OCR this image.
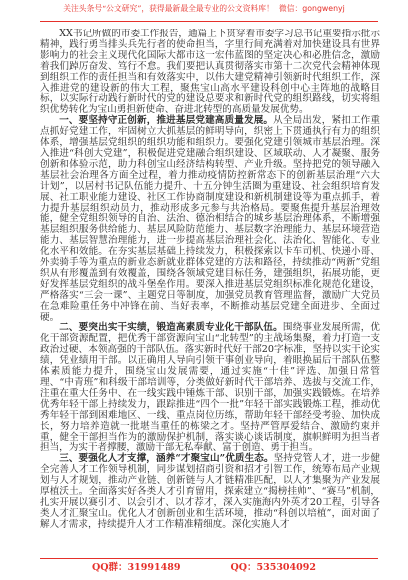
关注头条号“公文研究”，获得最新最全最专业的公文资料库！ 微信：gongwenyj

XX书记所做的市委工作报告，通篇上下贯穿着市委学习总书记重要指示批示精神，践行勇当排头兵先行者的使命担当，字里行间充满着对加快建设具有世界影响力的社会主义现代化国际大都市这一宏伟蓝图的坚定决心和必胜信念，激励着我们踔厉奋发、笃行不怠。我们要把认真贯彻落实市第十二次党代会精神体现到组织工作的责任担当和有效落实中，以伟大建党精神引领新时代组织工作，深入推进党的建设新的伟大工程，聚焦宝山高水平建设科创中心主阵地的战略目标，以实际行动践行新时代的党的建设总要求和新时代党的组织路线，切实将组织优势转化为宝山勇担新使命、奋进北转型的高质量发展优势。

一、要坚持守正创新，推进基层党建高质量发展。从全局出发，紧扣工作重点抓好党建工作，牢固树立大抓基层的鲜明导向，织密上下贯通执行有力的组织体系，增强基层党组织的组织功能和组织力。要强化党建引领城市基层治理。深入推进“科创大党建”，积极促进党建融合组织建设、区域联动、人才凝聚、服务创新和体验示范，助力科创宝山经济结构转型、产业升级。坚持把党的领导融入基层社会治理各方面全过程，着力推动疫情防控新常态下的创新基层治理“六大计划”，以居村书记队伍能力提升、十五分钟生活圈为重建设、社会组织培育发展、社工职业能力建设、社区工作协商制度建设和新机制建设等为重点抓手，着力提升基层组织动员力，推动形成多元参与共治格局。要聚焦提升基层治理效能，健全党组织领导的自治、法治、德治相结合的城乡基层治理体系，不断增强基层组织服务供给能力、基层风险防范能力、基层数字治理能力、基层环境营造能力、基层智慧治理能力，进一步提高基层治理社会化、法治化、智能化、专业化水平和效能。在夯实基层基础上持续发力，积极探索以卡车司机、快递小哥、外卖骑手等为重点的新业态新就业群体党建的方法和路径，持续推动“两新”党组织从有形覆盖到有效覆盖，围绕各领域党建目标任务，建强组织，拓展功能，更好发挥基层党组织的战斗堡垒作用。要深入推进基层党组织标准化规范化建设，严格落实“三会一课”、主题党日等制度，加强党员教育管理监督，激励广大党员在急难险重任务中冲锋在前、当好表率，不断推动基层党建全面进步、全面过硬。

二、要突出实干实绩，锻造高素质专业化干部队伍。围绕事业发展所需，优化干部资源配置，把优秀干部资源向宝山“北转型”的主战场集聚，着力打造一支政治过硬、本领高强的干部队伍。落实新时代好干部20字标准，坚持以实干论实绩，凭业绩用干部。以正确用人导向引领干事创业导向，着眼换届后干部队伍整体素质能力提升，围绕宝山发展需要，通过实施“十佳”评选、加强日常管理、“中青班”和科级干部培训等，分类做好新时代干部培养、选拔与交流工作，注重在重大任务中、在一线实践中锤炼干部、识别干部，加强实践锻炼。在培养优秀年轻干部上持续发力，跟踪推进“四个一批”年轻干部实践锻炼工程，推动优秀年轻干部到困难地区、一线、重点岗位历练，帮助年轻干部经受考验、加快成长，努力培养造就一批堪当重任的栋梁之才。坚持严管厚爱结合、激励约束并重，健全干部担当作为的激励保护机制，落实谈心谈话制度，旗帜鲜明为担当者担当，为实干者撑腰，激励干部无私奉献、富于创造、勇于担当。

三、要强化人才支撑，涵养“才聚宝山”优质生态。坚持党管人才，进一步健全完善人才工作领导机制，同步谋划招商引资和招才引智工作，统筹布局产业规划与人才规划，推动产业链、创新链与人才链精准匹配，以人才集聚为产业发展厚植沃土。全面落实好各类人才引育留用，探索建立“揭榜挂帅”、“赛马”机制，扎实开展以赛引才、以会引才、以才荐才，深入实施海内外英才20工程，引导各类人才汇聚宝山。优化人才创新创业和生活环境，推动“科创以培植”，面对面了解人才需求，持续提升人才工作精准精细度。深化实施人才

QQ群：31991489	QQ：535304092
